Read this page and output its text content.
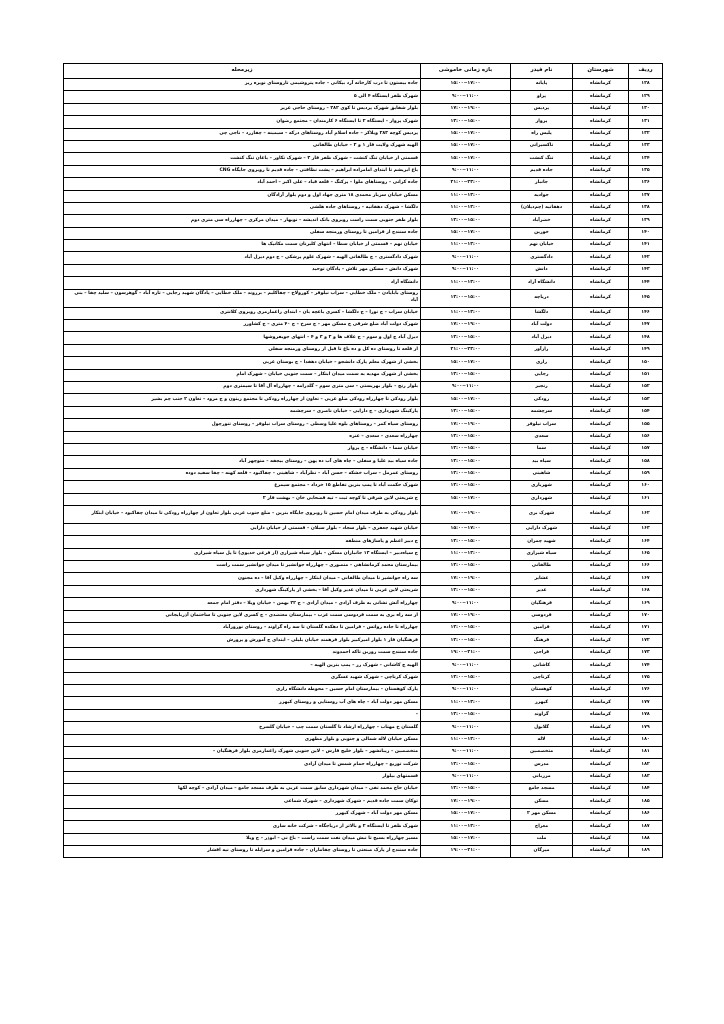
ردیف	شهرستان	نام فیدر	بازه زمانی خاموشی	زیرمحله
۱۲۸	کرمانشاه	پایانه	۱۵:۰۰−۱۷:۰۰	جاده بیستون تا درب کارخانه آرد بیکانی – جاده پتروشیمی تاروستای نویره ریز
۱۲۹	کرمانشاه	پراو	۹:۰۰−۱۱:۰۰	شهرک ظفر ایستگاه ۴ الی ۵
۱۳۰	کرمانشاه	پردیس	۱۷:۰۰−۱۹:۰۰	بلوار شقایق شهرک پردیس تا کوی ۲۸۲ – روستای حاجی عزیز
۱۳۱	کرمانشاه	پرواز	۱۳:۰۰−۱۵:۰۰	شهرک پرواز – ایستگاه ۲ تا ایستگاه ۶ کارمندان – مجتمع رضوان
۱۳۲	کرمانشاه	پلیس راه	۱۵:۰۰−۱۷:۰۰	پردیس کوچه ۲۸۳ ویلاکر – جاده اسلام آباد روستاهای درکه – سیمینه – چقازرد – ناجی چی
۱۳۳	کرمانشاه	تاکسیرانی	۱۵:۰۰−۱۷:۰۰	الهیه شهرک ولایت فاز ۱ و ۲ – خیابان طالقانی
۱۳۴	کرمانشاه	تنگ کنشت	۱۵:۰۰−۱۷:۰۰	قسمتی از خیابان تنگ کنشت – شهرک ظفر فاز ۳ – شهرک نکاور – باغان تنگ کنشت
۱۳۵	کرمانشاه	جاده قدیم	۹:۰۰−۱۱:۰۰	باغ ابریشم تا ابتدای امامزاده ابراهیم – پشت نظافتی – جاده قدیم تا روبروی جایگاه CNG
۱۳۶	کرمانشاه	جانباز	۲۱:۰۰−۲۳:۰۰	جاده کرانی – روستاهای ملوا – پرکنگ – قلعه قباد – علی اکبر – احمد آباد
۱۳۷	کرمانشاه	جوادیه	۱۱:۰۰−۱۳:۰۰	مسکن خیابان سرباز محمدی ۱۸ متری جهاد اول و دوم بلوار آزادگان
۱۳۸	کرمانشاه	دهقانیه (چم‌دیلان)	۱۱:۰۰−۱۳:۰۰	دلگشا – شهرک دهقانیه – روستاهای جاده هلشی
۱۳۹	کرمانشاه	خضرآباد	۱۳:۰۰−۱۵:۰۰	بلوار ظفر جنوبی سمت راست روبروی بانک اندیشه – نوبهار – میدان مرکزی – چهارراه سی متری دوم
۱۴۰	کرمانشاه	خورین	۱۵:۰۰−۱۷:۰۰	جاده سنندج از فرامین تا روستای ورمنجه سفلی
۱۴۱	کرمانشاه	خیابان نهم	۱۱:۰۰−۱۳:۰۰	خیابان نهم – قسمتی از خیابان سطا – انتهای کلبرنان سمت مکانیک ها
۱۴۲	کرمانشاه	دادگستری	۹:۰۰−۱۱:۰۰	شهرک دادگستری – ج طالقانی الهیه – شهرک علوم پزشکی – ج دوم دیزل آباد
۱۴۳	کرمانشاه	دانش	۹:۰۰−۱۱:۰۰	شهرک دانش – مسکن مهر تلاش – پادگان توحید
۱۴۴	کرمانشاه	دانشگاه آزاد	۱۱:۰۰−۱۳:۰۰	دانشگاه آزاد
۱۴۵	کرمانشاه	دریاچه	۱۳:۰۰−۱۵:۰۰	روستای بابایادن – ملک خطایی – سراب نیلوفر – کورولاخ – چقاکلیم – برزوند – ملک خطایی – پادگان شهید رجایی – تازه آباد – گوهرسون – سلید چقا – بنی آباد
۱۴۶	کرمانشاه	دلگشا	۱۱:۰۰−۱۳:۰۰	خیابان سراب – ج نورا – ج دلگشا – کسری باغچه بان – ابتدای زاغمارمری روبروی کلانتری
۱۴۷	کرمانشاه	دولت آباد	۱۷:۰۰−۱۹:۰۰	شهرک دولت آباد ضلع شرقی ج مسکن مهر – ج سرخ – ج ۴۰ متری – ج کشاورز
۱۴۸	کرمانشاه	دیزل آباد	۱۳:۰۰−۱۵:۰۰	دیزل آباد ج اول و سوم – ج علاف ها و ۲ و ۳ و ۴ – انتهای جویفروشها
۱۴۹	کرمانشاه	رازآور	۲۱:۰۰−۲۳:۰۰	از قلعه تا روستای ده کل و ده باغ تا قبل از روستای ورمنجه سفلی
۱۵۰	کرمانشاه	رازی	۱۵:۰۰−۱۷:۰۰	بخشی از شهرک معلم پارک دانشجو – خیابان دهقدا – ج بوستان غربی
۱۵۱	کرمانشاه	رجایی	۱۳:۰۰−۱۵:۰۰	بخشی از شهرک مهدیه به سمت میدان ابتکار – سمت جنوبی خیابان – شهرک امام
۱۵۲	کرمانشاه	رنجبر	۹:۰۰−۱۱:۰۰	بلوار رنج – بلوار بهزیستی – سی متری سوم – گلدرامه – چهارراه آل آقا تا سیمتری دوم
۱۵۳	کرمانشاه	رودکی	۱۵:۰۰−۱۷:۰۰	بلوار رودکی تا چهارراه رودکی ضلع غربی – تعاون از چهارراه رودکی تا مجتمع زیتون و ج مرود – تعاون ۲ جنب چم بشیر
۱۵۴	کرمانشاه	سرچشمه	۱۳:۰۰−۱۵:۰۰	پارکینگ شهرداری – ج دارایی – خیابان ناصری – سرچشمه
۱۵۵	کرمانشاه	سراب نیلوفر	۱۷:۰۰−۱۹:۰۰	روستای سیاه کمر – روستاهای بلوه علیا وسطی – روستای سراب نیلوفر – روستای تنورچول
۱۵۶	کرمانشاه	سعدی	۱۳:۰۰−۱۵:۰۰	چهارراه سعدی – سعدی – عنزه
۱۵۷	کرمانشاه	سما	۱۳:۰۰−۱۵:۰۰	خیابان سما – دانشگاه – ج پرواز
۱۵۸	کرمانشاه	سیاه بید	۱۳:۰۰−۱۵:۰۰	جاده سیاه بید علیا و سفلی – چاه های آب ده پهن – روستای بیجقه – منوچهر آباد
۱۵۹	کرمانشاه	شاهینی	۱۳:۰۰−۱۵:۰۰	روستای عمرمل – سراب خشکه – حسن آباد – نظرآباد – شاهینی – چقاکبود – قلعه کهنه – چقا سفید دوده
۱۶۰	کرمانشاه	شهربازی	۱۳:۰۰−۱۵:۰۰	شهرک حکمت آباد تا پمپ بنزین تقاطع ۱۵ خرداد – مجتمع سیمرغ
۱۶۱	کرمانشاه	شهرداری	۱۵:۰۰−۱۷:۰۰	ج شریعتی لاین شرقی تا کوچه ثبت – تیه قضحابی خان – بهشت فاز ۲
۱۶۲	کرمانشاه	شهرک بری	۱۷:۰۰−۱۹:۰۰	بلوار رودکی به طرف میدان امام حسین تا روبروی جایگاه بنزین – ضلع جنوب غربی بلوار تعاون از چهارراه رودکی تا میدان چقاکبود – خیابان ابتکار
۱۶۳	کرمانشاه	شهرک دارایی	۱۵:۰۰−۱۷:۰۰	خیابان شهید جعفری – بلوار سجاد – بلوار سبلان – قسمتی از خیابان دارایی
۱۶۴	کرمانشاه	شهید چمران	۱۳:۰۰−۱۵:۰۰	ج دبیر اعظم و پاساژهای منطقه
۱۶۵	کرمانشاه	سیاه شیرازی	۱۱:۰۰−۱۳:۰۰	ج سیاه‌دبیر – ایستگاه ۱۳ جانبازان مسکن – بلوار سیاه شیرازی (از فرعی خدیوی) تا پل سیاه شیرازی
۱۶۶	کرمانشاه	طالقانی	۱۳:۰۰−۱۵:۰۰	بیمارستان محمد کرمانشاهی – منصوری – چهارراه جوانشیر تا میدان جوانشیر سمت راست
۱۶۷	کرمانشاه	عشایر	۱۷:۰۰−۱۹:۰۰	سه راه جوانشیر تا میدان طالقانی – میدان ابتکار – چهارراه وکیل آقا – ده مجنون
۱۶۸	کرمانشاه	غدیر	۱۳:۰۰−۱۵:۰۰	شریعتی لاین غربی تا میدان غدیر وکیل آقا – بخشی از پارکینگ شهرداری
۱۶۹	کرمانشاه	فرهنگیان	۹:۰۰−۱۱:۰۰	چهارراه آتش نشانی به طرف آزادی – میدان آزادی – ج ۲۲ بهمن – خیابان ویلا – دفتر امام جمعه
۱۷۰	کرمانشاه	فردوسی	۱۷:۰۰−۱۹:۰۰	از سه راه بری به سمت فردوسی سمت غرب – بیمارستان معتضدی – ج کسری لاین جنوبی تا ساختمان آذربایجانی
۱۷۱	کرمانشاه	فرامین	۱۳:۰۰−۱۵:۰۰	چهارراه تا جاده رواتس – فرامین تا دهکده گلستان تا سه راه گراوند – روستای نوروزآباد
۱۷۲	کرمانشاه	فرهنگ	۱۳:۰۰−۱۵:۰۰	فرهنگیان فاز ۱ بلوار امیرکبیر بلوار فرهمند خیابان بلیلی – ابتدای ج آموزش و پرورش
۱۷۳	کرمانشاه	قراجی	۱۹:۰۰−۲۱:۰۰	جاده سنندج سمت روزبن تاکه احمدوند
۱۷۴	کرمانشاه	کاشانی	۹:۰۰−۱۱:۰۰	الهیه ج کاشانی – شهرک رز – پمپ بنزین الهیه –
۱۷۵	کرمانشاه	کرناچی	۱۳:۰۰−۱۵:۰۰	شهرک کرناچی – شهرک شهید عسگری
۱۷۶	کرمانشاه	کوهستان	۹:۰۰−۱۱:۰۰	پارک کوهستان – بیمارستان امام حسین – محوطه دانشگاه رازی
۱۷۷	کرمانشاه	کیهرز	۱۱:۰۰−۱۳:۰۰	مسکن مهر دولت آباد – چاه های آب روستایی و روستای کیهرز
۱۷۸	کرمانشاه	گراوند	۱۳:۰۰−۱۵:۰۰	–
۱۷۹	کرمانشاه	گلابول	۹:۰۰−۱۱:۰۰	گلستان خ مهتاب – چهارراه ارشاد تا گلستان سمت چپ – خیابان گلسرخ
۱۸۰	کرمانشاه	لاله	۱۱:۰۰−۱۳:۰۰	مسکن خیابان لاله شمالی و جنوبی و بلوار مطهری
۱۸۱	کرمانشاه	متخصصین	۹:۰۰−۱۱:۰۰	متخصصین – زیبانشهر – بلوار خلیج فارس – لاین جنوبی شهرک زاغمارمری بلوار فرهنگیان –
۱۸۲	کرمانشاه	مدرس	۱۳:۰۰−۱۵:۰۰	شرکت توزیع – چهارراه حمام شمس تا میدان آزادی
۱۸۳	کرمانشاه	مرزبانی	۹:۰۰−۱۱:۰۰	قسمتهای بیلوار
۱۸۴	کرمانشاه	مسجد جامع	۱۳:۰۰−۱۵:۰۰	خیابان حاج محمد تقی – میدان شهرداری سابق سمت غربی به طرف مسجد جامع – میدان آزادی – کوچه لکها
۱۸۵	کرمانشاه	مسکن	۱۷:۰۰−۱۹:۰۰	توکان سمت جاده قدیم – شهرک شهرداری – شهرک شماعی
۱۸۶	کرمانشاه	مسکن مهر ۲	۱۵:۰۰−۱۷:۰۰	مسکن مهر دولت آباد – شهرک کیهرز
۱۸۷	کرمانشاه	معراج	۱۱:۰۰−۱۳:۰۰	شهرک ظفر تا ایستگاه ۲ و بالاتر از دریاجگاه – شرکت خانه سازی
۱۸۸	کرمانشاه	ملت	۱۵:۰۰−۱۷:۰۰	مسیر چهارراه بسیج تا نبش میدان نفت سمت راست – باغ نی – ابوذر – ج ویلا
۱۸۹	کرمانشاه	میرگان	۱۹:۰۰−۲۱:۰۰	جاده سنندج از پارک صنعتی تا روستای چقاماران – جاده فرامین و سرابله تا روستای نیه افشار
